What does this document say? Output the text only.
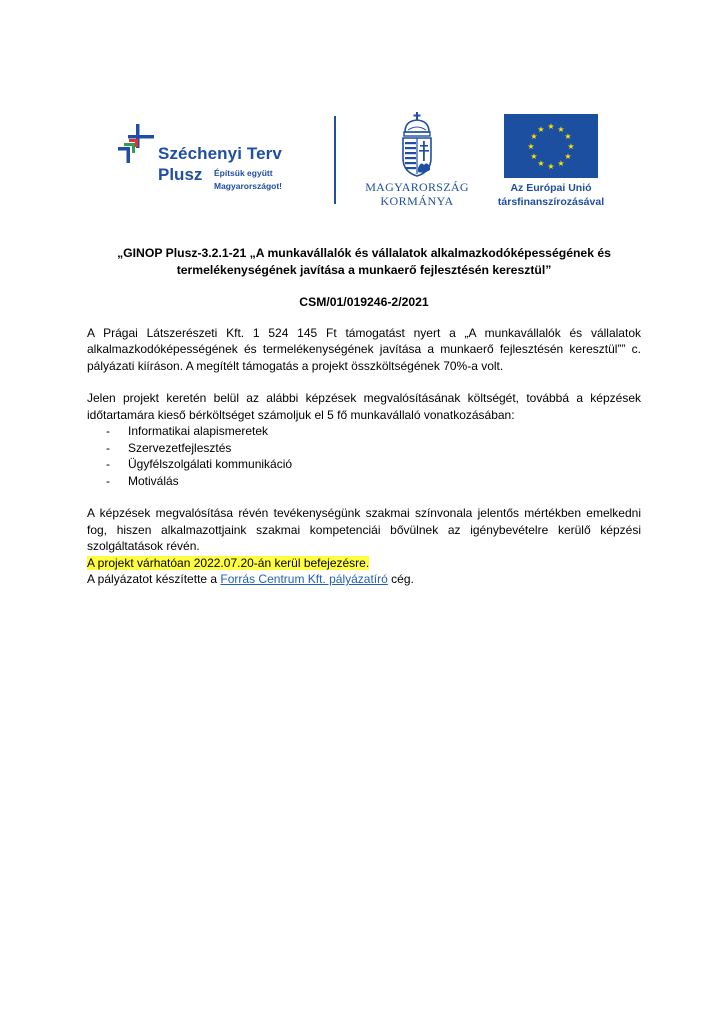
Széchenyi Terv
Plusz Építsük együtt
Magyarországot!	MAGYARORSZÁG
KORMÁNYA
★ ★
★
★
★
★
★
★
★
★
★
★
Az Európai Unió
társfinanszírozásával

„GINOP Plusz-3.2.1-21 „A munkavállalók és vállalatok alkalmazkodóképességének és termelékenységének javítása a munkaerő fejlesztésén keresztül”

CSM/01/019246-2/2021

A Prágai Látszerészeti Kft. 1 524 145 Ft támogatást nyert a „A munkavállalók és vállalatok alkalmazkodóképességének és termelékenységének javítása a munkaerő fejlesztésén keresztül”” c. pályázati kiíráson. A megítélt támogatás a projekt összköltségének 70%-a volt.

Jelen projekt keretén belül az alábbi képzések megvalósításának költségét, továbbá a képzések időtartamára kieső bérköltséget számoljuk el 5 fő munkavállaló vonatkozásában:

- Informatikai alapismeretek
- Szervezetfejlesztés
- Ügyfélszolgálati kommunikáció
- Motiválás

A képzések megvalósítása révén tevékenységünk szakmai színvonala jelentős mértékben emelkedni fog, hiszen alkalmazottjaink szakmai kompetenciái bővülnek az igénybevételre kerülő képzési szolgáltatások révén.

A projekt várhatóan 2022.07.20-án kerül befejezésre.

A pályázatot készítette a Forrás Centrum Kft. pályázatíró cég.
